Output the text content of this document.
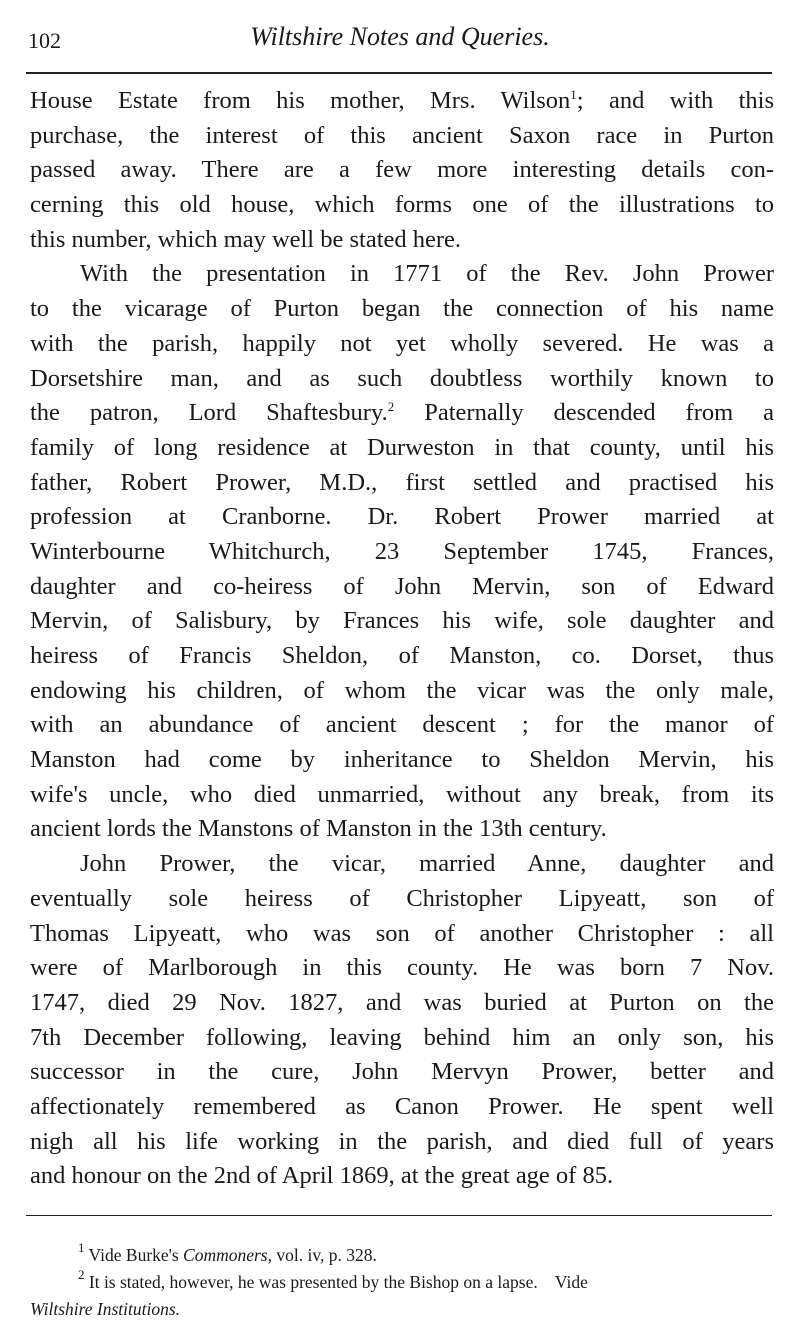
102	Wiltshire Notes and Queries.
House Estate from his mother, Mrs. Wilson$^1$; and with this
purchase, the interest of this ancient Saxon race in Purton
passed away. There are a few more interesting details con-
cerning this old house, which forms one of the illustrations to
this number, which may well be stated here.
With the presentation in 1771 of the Rev. John Prower
to the vicarage of Purton began the connection of his name
with the parish, happily not yet wholly severed. He was a
Dorsetshire man, and as such doubtless worthily known to
the patron, Lord Shaftesbury.$^2$ Paternally descended from a
family of long residence at Durweston in that county, until his
father, Robert Prower, M.D., first settled and practised his
profession at Cranborne. Dr. Robert Prower married at
Winterbourne Whitchurch, 23 September 1745, Frances,
daughter and co-heiress of John Mervin, son of Edward
Mervin, of Salisbury, by Frances his wife, sole daughter and
heiress of Francis Sheldon, of Manston, co. Dorset, thus
endowing his children, of whom the vicar was the only male,
with an abundance of ancient descent ; for the manor of
Manston had come by inheritance to Sheldon Mervin, his
wife's uncle, who died unmarried, without any break, from its
ancient lords the Manstons of Manston in the 13th century.
John Prower, the vicar, married Anne, daughter and
eventually sole heiress of Christopher Lipyeatt, son of
Thomas Lipyeatt, who was son of another Christopher : all
were of Marlborough in this county. He was born 7 Nov.
1747, died 29 Nov. 1827, and was buried at Purton on the
7th December following, leaving behind him an only son, his
successor in the cure, John Mervyn Prower, better and
affectionately remembered as Canon Prower. He spent well
nigh all his life working in the parish, and died full of years
and honour on the 2nd of April 1869, at the great age of 85.
$^1$ Vide Burke's Commoners, vol. iv, p. 328.
$^2$ It is stated, however, he was presented by the Bishop on a lapse.    Vide
Wiltshire Institutions.
